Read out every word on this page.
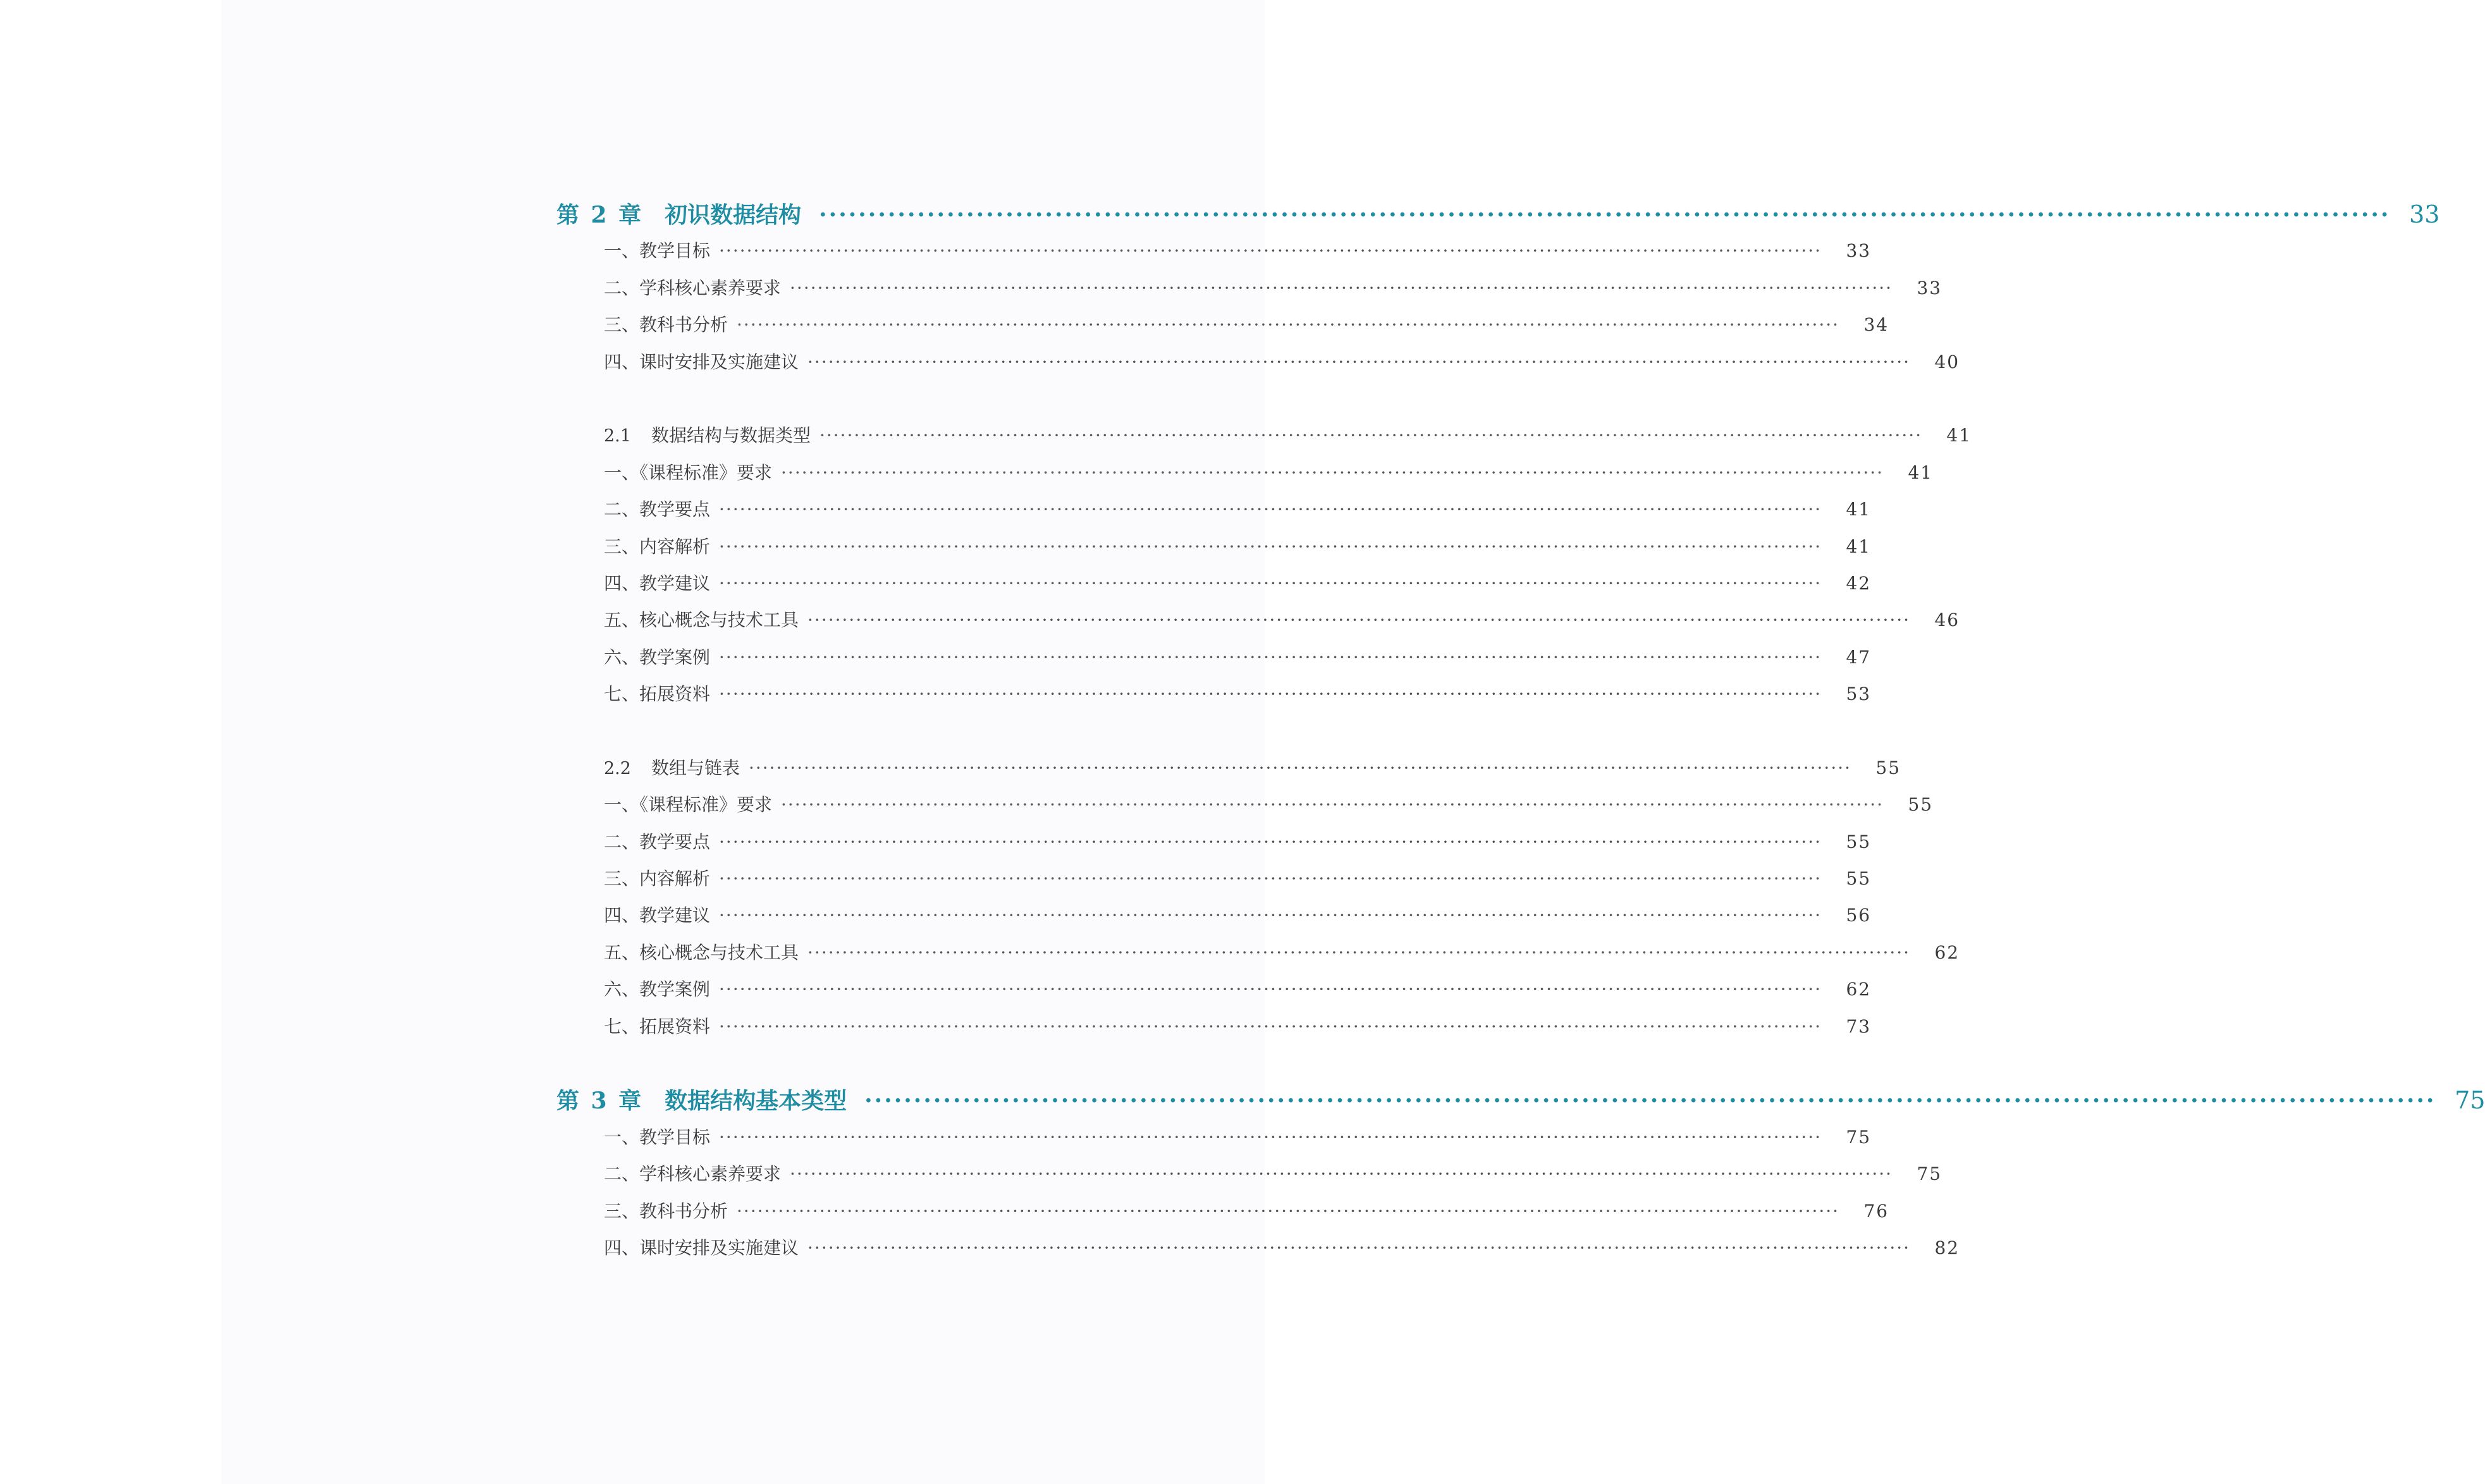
第 2 章 初识数据结构 ································································································································································ 33
一、教学目标 ································································································································································	33
二、学科核心素养要求 ································································································································································	33
三、教科书分析 ································································································································································	34
四、课时安排及实施建议 ································································································································································	40
2.1 数据结构与数据类型 ································································································································································	41
一、《课程标准》要求 ································································································································································	41
二、教学要点 ································································································································································	41
三、内容解析 ································································································································································	41
四、教学建议 ································································································································································	42
五、核心概念与技术工具 ································································································································································	46
六、教学案例 ································································································································································	47
七、拓展资料 ································································································································································	53
2.2 数组与链表 ································································································································································	55
一、《课程标准》要求 ································································································································································	55
二、教学要点 ································································································································································	55
三、内容解析 ································································································································································	55
四、教学建议 ································································································································································	56
五、核心概念与技术工具 ································································································································································	62
六、教学案例 ································································································································································	62
七、拓展资料 ································································································································································	73
第 3 章 数据结构基本类型 ································································································································································ 75
一、教学目标 ································································································································································	75
二、学科核心素养要求 ································································································································································	75
三、教科书分析 ································································································································································	76
四、课时安排及实施建议 ································································································································································	82
